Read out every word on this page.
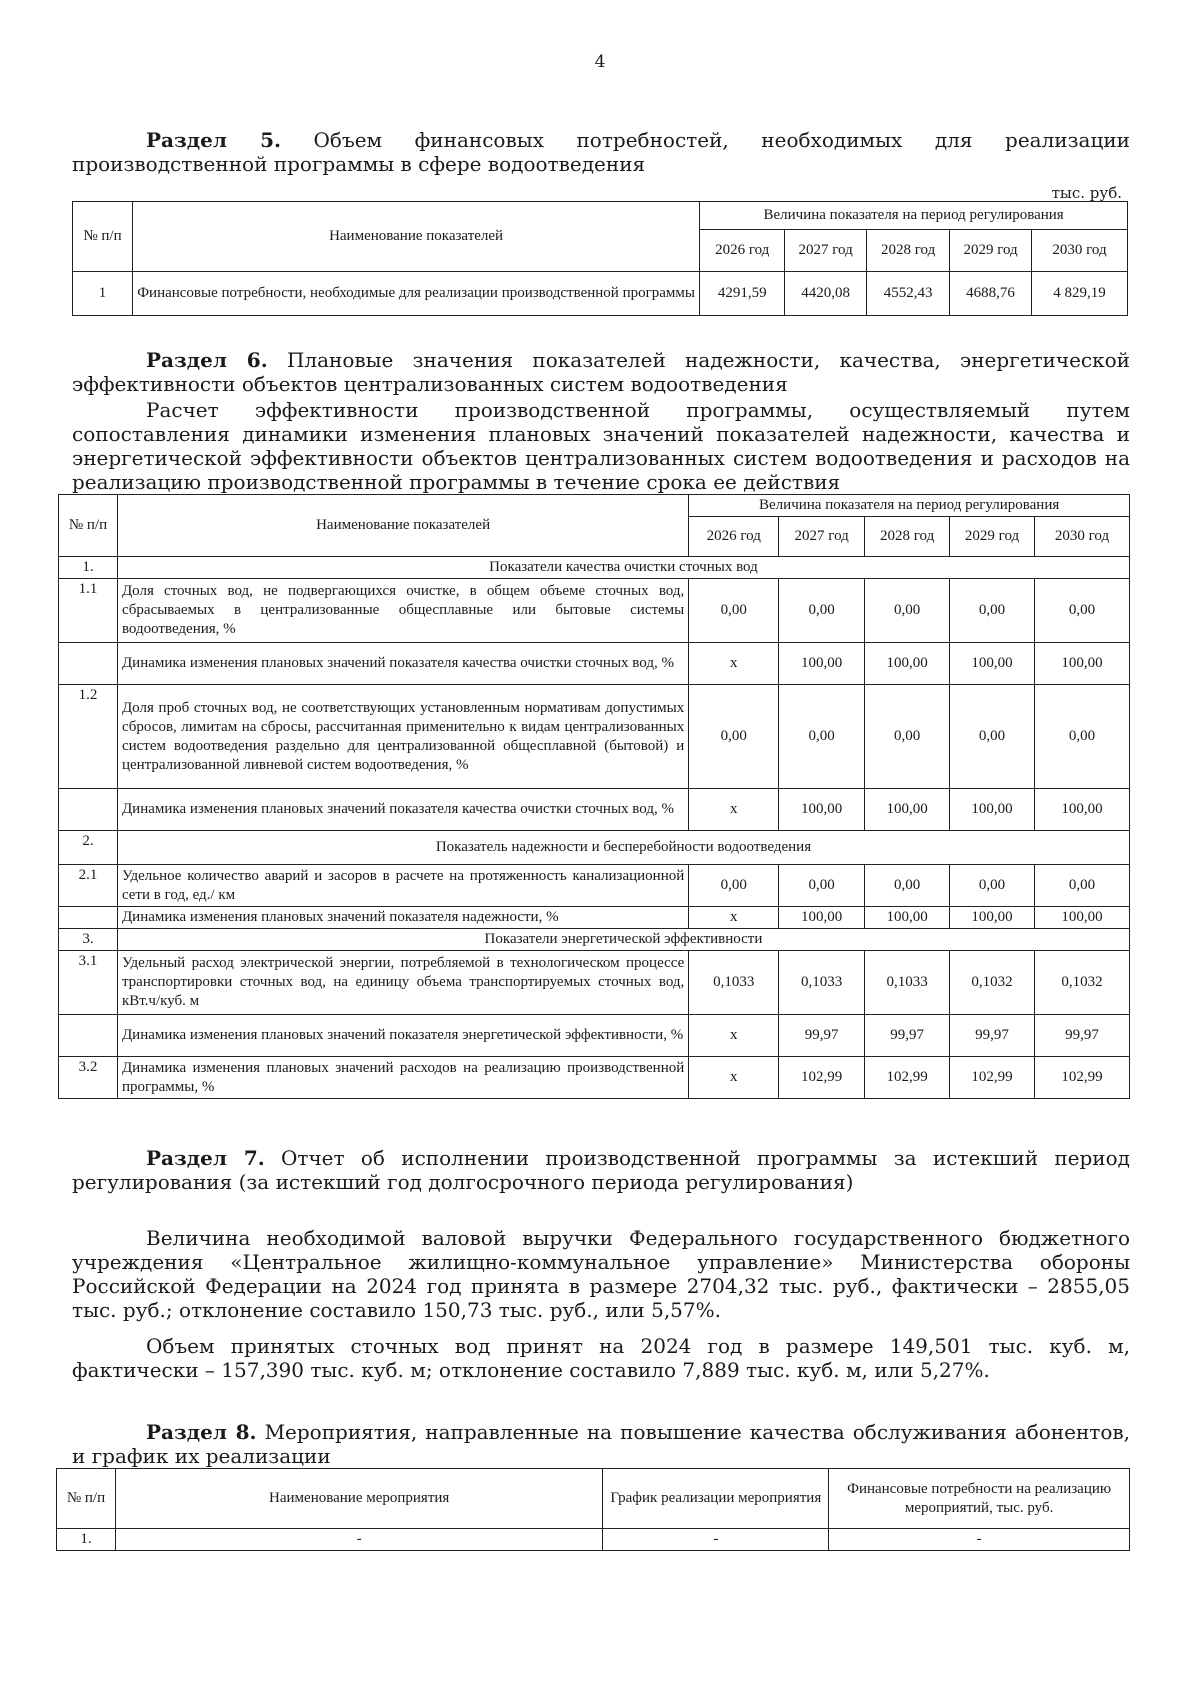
4
Раздел 5. Объем финансовых потребностей, необходимых для реализации производственной программы в сфере водоотведения
тыс. руб.
№ п/п	Наименование показателей	Величина показателя на период регулирования				
		2026 год	2027 год	2028 год	2029 год	2030 год
1	Финансовые потребности, необходимые для реализации производственной программы	4291,59	4420,08	4552,43	4688,76	4 829,19
Раздел 6. Плановые значения показателей надежности, качества, энергетической эффективности объектов централизованных систем водоотведения
Расчет эффективности производственной программы, осуществляемый путем сопоставления динамики изменения плановых значений показателей надежности, качества и энергетической эффективности объектов централизованных систем водоотведения и расходов на реализацию производственной программы в течение срока ее действия
№ п/п	Наименование показателей	Величина показателя на период регулирования				
		2026 год	2027 год	2028 год	2029 год	2030 год
1.	Показатели качества очистки сточных вод					
1.1	Доля сточных вод, не подвергающихся очистке, в общем объеме сточных вод, сбрасываемых в централизованные общесплавные или бытовые системы водоотведения, %	0,00	0,00	0,00	0,00	0,00
	Динамика изменения плановых значений показателя качества очистки сточных вод, %	х	100,00	100,00	100,00	100,00
1.2	Доля проб сточных вод, не соответствующих установленным нормативам допустимых сбросов, лимитам на сбросы, рассчитанная применительно к видам централизованных систем водоотведения раздельно для централизованной общесплавной (бытовой) и централизованной ливневой систем водоотведения, %	0,00	0,00	0,00	0,00	0,00
	Динамика изменения плановых значений показателя качества очистки сточных вод, %	х	100,00	100,00	100,00	100,00
2.	Показатель надежности и бесперебойности водоотведения					
2.1	Удельное количество аварий и засоров в расчете на протяженность канализационной сети в год, ед./ км	0,00	0,00	0,00	0,00	0,00
	Динамика изменения плановых значений показателя надежности, %	х	100,00	100,00	100,00	100,00
3.	Показатели энергетической эффективности					
3.1	Удельный расход электрической энергии, потребляемой в технологическом процессе транспортировки сточных вод, на единицу объема транспортируемых сточных вод, кВт.ч/куб. м	0,1033	0,1033	0,1033	0,1032	0,1032
	Динамика изменения плановых значений показателя энергетической эффективности, %	х	99,97	99,97	99,97	99,97
3.2	Динамика изменения плановых значений расходов на реализацию производственной программы, %	х	102,99	102,99	102,99	102,99
Раздел 7. Отчет об исполнении производственной программы за истекший период регулирования (за истекший год долгосрочного периода регулирования)
Величина необходимой валовой выручки Федерального государственного бюджетного учреждения «Центральное жилищно-коммунальное управление» Министерства обороны Российской Федерации на 2024 год принята в размере 2704,32 тыс. руб., фактически – 2855,05 тыс. руб.; отклонение составило 150,73 тыс. руб., или 5,57%.
Объем принятых сточных вод принят на 2024 год в размере 149,501 тыс. куб. м, фактически – 157,390 тыс. куб. м; отклонение составило 7,889 тыс. куб. м, или 5,27%.
Раздел 8. Мероприятия, направленные на повышение качества обслуживания абонентов, и график их реализации
№ п/п	Наименование мероприятия	График реализации мероприятия	Финансовые потребности на реализацию мероприятий, тыс. руб.
1.	-	-	-
